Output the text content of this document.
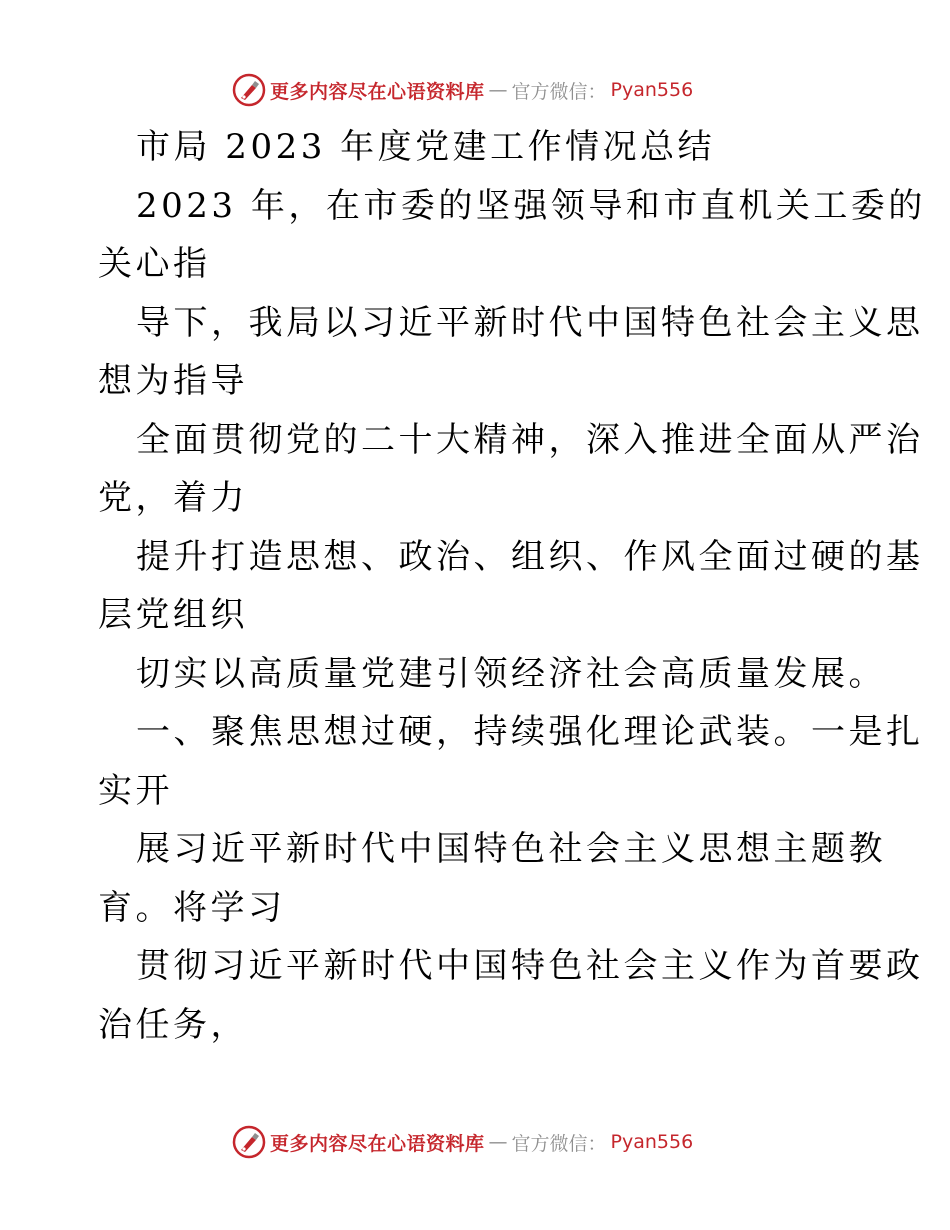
更多内容尽在心语资料库 — 官方微信： Pyan556
市局 2023 年度党建工作情况总结
2023 年，在市委的坚强领导和市直机关工委的
关心指
导下，我局以习近平新时代中国特色社会主义思
想为指导
全面贯彻党的二十大精神，深入推进全面从严治
党，着力
提升打造思想、政治、组织、作风全面过硬的基
层党组织
切实以高质量党建引领经济社会高质量发展。
一、聚焦思想过硬，持续强化理论武装。一是扎
实开
展习近平新时代中国特色社会主义思想主题教
育。将学习
贯彻习近平新时代中国特色社会主义作为首要政
治任务，
更多内容尽在心语资料库 — 官方微信： Pyan556
